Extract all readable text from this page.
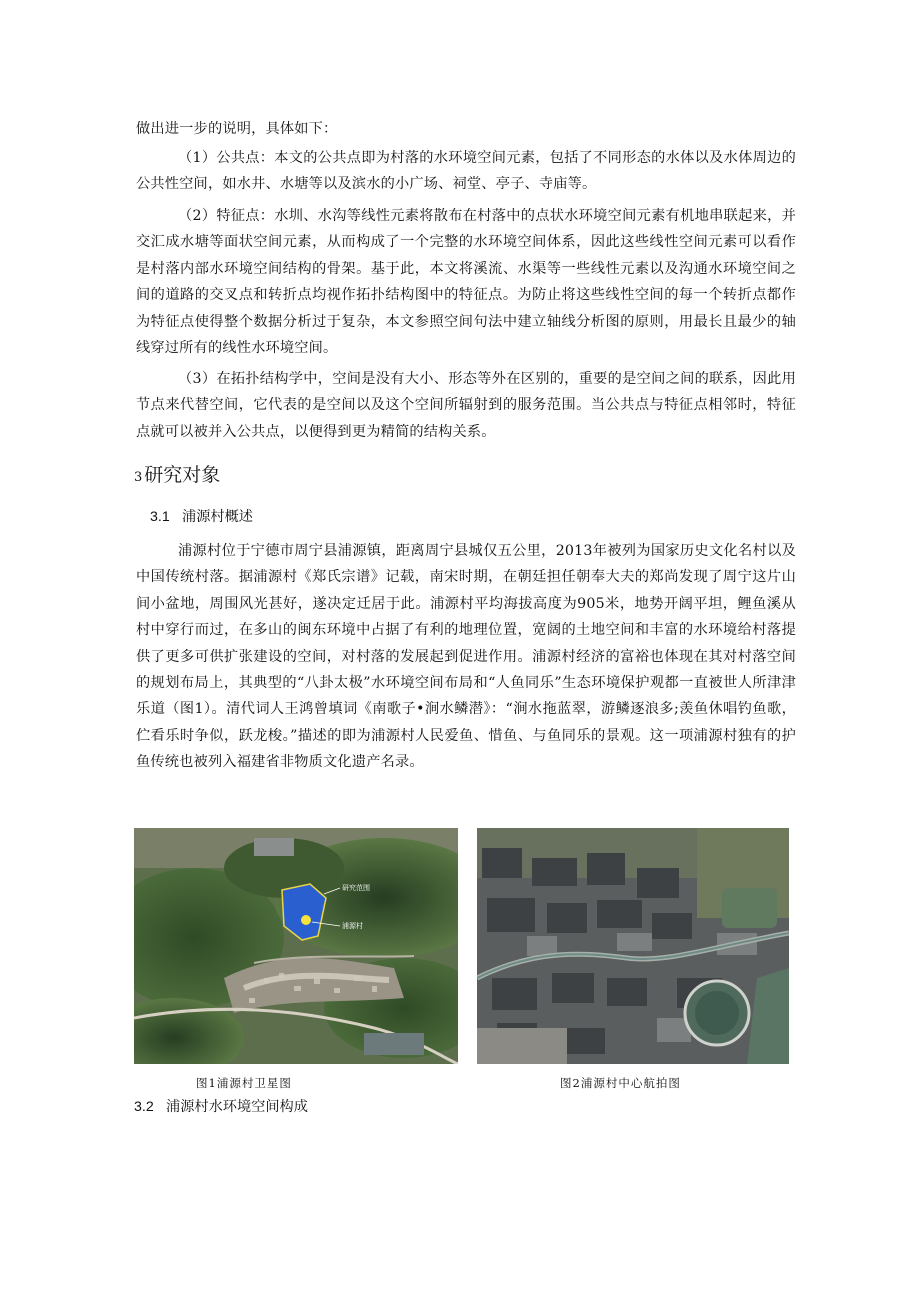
做出进一步的说明，具体如下：

（1）公共点：本文的公共点即为村落的水环境空间元素，包括了不同形态的水体以及水体周边的公共性空间，如水井、水塘等以及滨水的小广场、祠堂、亭子、寺庙等。

（2）特征点：水圳、水沟等线性元素将散布在村落中的点状水环境空间元素有机地串联起来，并交汇成水塘等面状空间元素，从而构成了一个完整的水环境空间体系，因此这些线性空间元素可以看作是村落内部水环境空间结构的骨架。基于此，本文将溪流、水渠等一些线性元素以及沟通水环境空间之间的道路的交叉点和转折点均视作拓扑结构图中的特征点。为防止将这些线性空间的每一个转折点都作为特征点使得整个数据分析过于复杂，本文参照空间句法中建立轴线分析图的原则，用最长且最少的轴线穿过所有的线性水环境空间。

（3）在拓扑结构学中，空间是没有大小、形态等外在区别的，重要的是空间之间的联系，因此用节点来代替空间，它代表的是空间以及这个空间所辐射到的服务范围。当公共点与特征点相邻时，特征点就可以被并入公共点，以便得到更为精简的结构关系。

3 研究对象
3.1 浦源村概述

浦源村位于宁德市周宁县浦源镇，距离周宁县城仅五公里，2013年被列为国家历史文化名村以及中国传统村落。据浦源村《郑氏宗谱》记载，南宋时期，在朝廷担任朝奉大夫的郑尚发现了周宁这片山间小盆地，周围风光甚好，遂决定迁居于此。浦源村平均海拔高度为905米，地势开阔平坦，鲤鱼溪从村中穿行而过，在多山的闽东环境中占据了有利的地理位置，宽阔的土地空间和丰富的水环境给村落提供了更多可供扩张建设的空间，对村落的发展起到促进作用。浦源村经济的富裕也体现在其对村落空间的规划布局上，其典型的“八卦太极”水环境空间布局和“人鱼同乐”生态环境保护观都一直被世人所津津乐道（图1）。清代词人王鸿曾填词《南歌子•涧水鳞潜》：“涧水拖蓝翠，游鳞逐浪多;羡鱼休唱钓鱼歌，伫看乐时争似，跃龙梭。”描述的即为浦源村人民爱鱼、惜鱼、与鱼同乐的景观。这一项浦源村独有的护鱼传统也被列入福建省非物质文化遗产名录。

研究范围
浦源村
图1浦源村卫星图	图2浦源村中心航拍图
3.2 浦源村水环境空间构成
